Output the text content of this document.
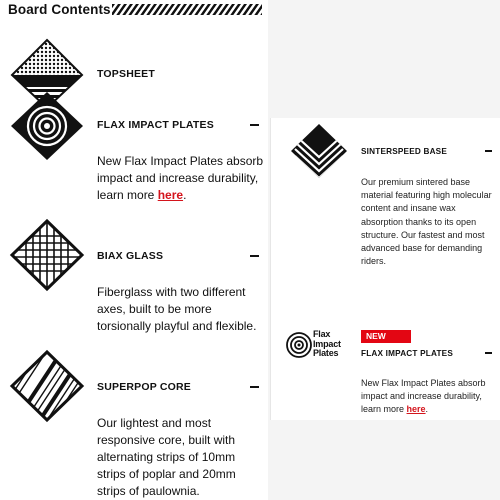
Board Contents
TOPSHEET
FLAX IMPACT PLATES
New Flax Impact Plates absorb impact and increase durability, learn more here.
BIAX GLASS
Fiberglass with two different axes, built to be more torsionally playful and flexible.
SUPERPOP CORE
Our lightest and most responsive core, built with alternating strips of 10mm strips of poplar and 20mm strips of paulownia.
SINTERSPEED BASE
Our premium sintered base material featuring high molecular content and insane wax absorption thanks to its open structure. Our fastest and most advanced base for demanding riders.
Flax
Impact
Plates
NEW
FLAX IMPACT PLATES
New Flax Impact Plates absorb impact and increase durability, learn more here.
